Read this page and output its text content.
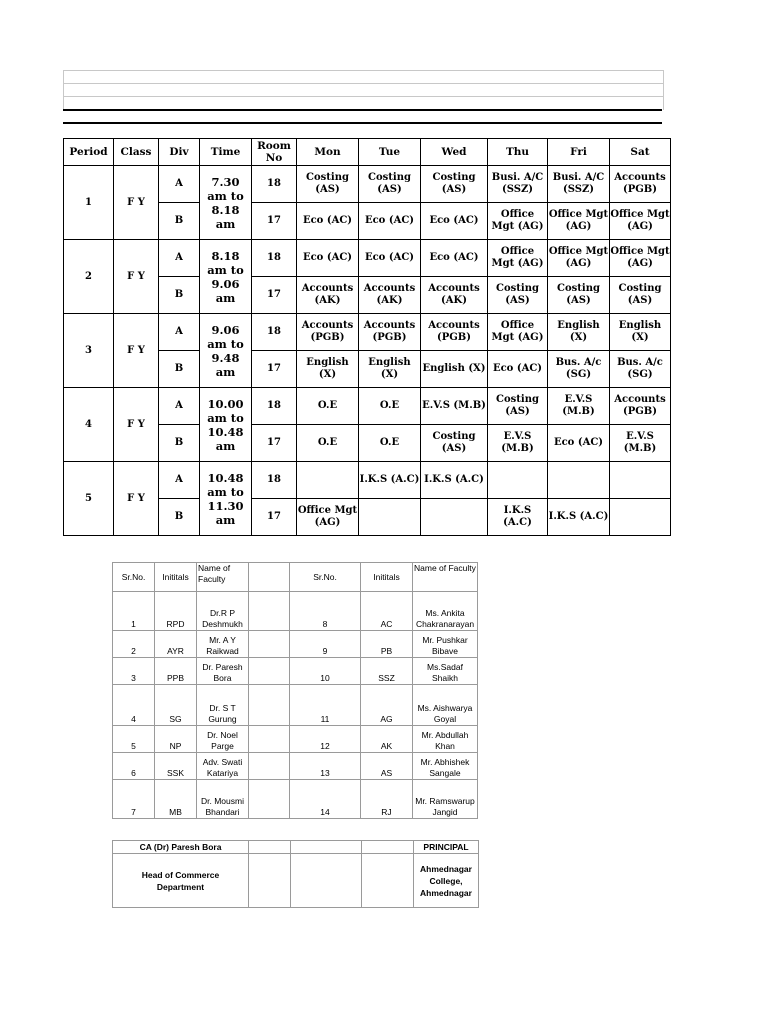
Period	Class	Div	Time	Room No	Mon	Tue	Wed	Thu	Fri	Sat
1	F Y	A	7.30 am to 8.18 am	18	Costing (AS)	Costing (AS)	Costing (AS)	Busi. A/C (SSZ)	Busi. A/C (SSZ)	Accounts (PGB)
		B		17	Eco (AC)	Eco (AC)	Eco (AC)	Office Mgt (AG)	Office Mgt (AG)	Office Mgt (AG)
2	F Y	A	8.18 am to 9.06 am	18	Eco (AC)	Eco (AC)	Eco (AC)	Office Mgt (AG)	Office Mgt (AG)	Office Mgt (AG)
		B		17	Accounts (AK)	Accounts (AK)	Accounts (AK)	Costing (AS)	Costing (AS)	Costing (AS)
3	F Y	A	9.06 am to 9.48 am	18	Accounts (PGB)	Accounts (PGB)	Accounts (PGB)	Office Mgt (AG)	English (X)	English (X)
		B		17	English (X)	English (X)	English (X)	Eco (AC)	Bus. A/c (SG)	Bus. A/c (SG)
4	F Y	A	10.00 am to 10.48 am	18	O.E	O.E	E.V.S (M.B)	Costing (AS)	E.V.S (M.B)	Accounts (PGB)
		B		17	O.E	O.E	Costing (AS)	E.V.S (M.B)	Eco (AC)	E.V.S (M.B)
5	F Y	A	10.48 am to 11.30 am	18		I.K.S (A.C)	I.K.S (A.C)			
		B		17	Office Mgt (AG)			I.K.S (A.C)	I.K.S (A.C)	
Sr.No.	Inititals	Name of Faculty		Sr.No.	Inititals	Name of Faculty
1	RPD	Dr.R P Deshmukh		8	AC	Ms. Ankita Chakranarayan
2	AYR	Mr. A Y Raikwad		9	PB	Mr. Pushkar Bibave
3	PPB	Dr. Paresh Bora		10	SSZ	Ms.Sadaf Shaikh
4	SG	Dr. S T Gurung		11	AG	Ms. Aishwarya Goyal
5	NP	Dr. Noel Parge		12	AK	Mr. Abdullah Khan
6	SSK	Adv. Swati Katariya		13	AS	Mr. Abhishek Sangale
7	MB	Dr. Mousmi Bhandari		14	RJ	Mr. Ramswarup Jangid
CA (Dr) Paresh Bora				PRINCIPAL
Head of Commerce Department				Ahmednagar College, Ahmednagar
